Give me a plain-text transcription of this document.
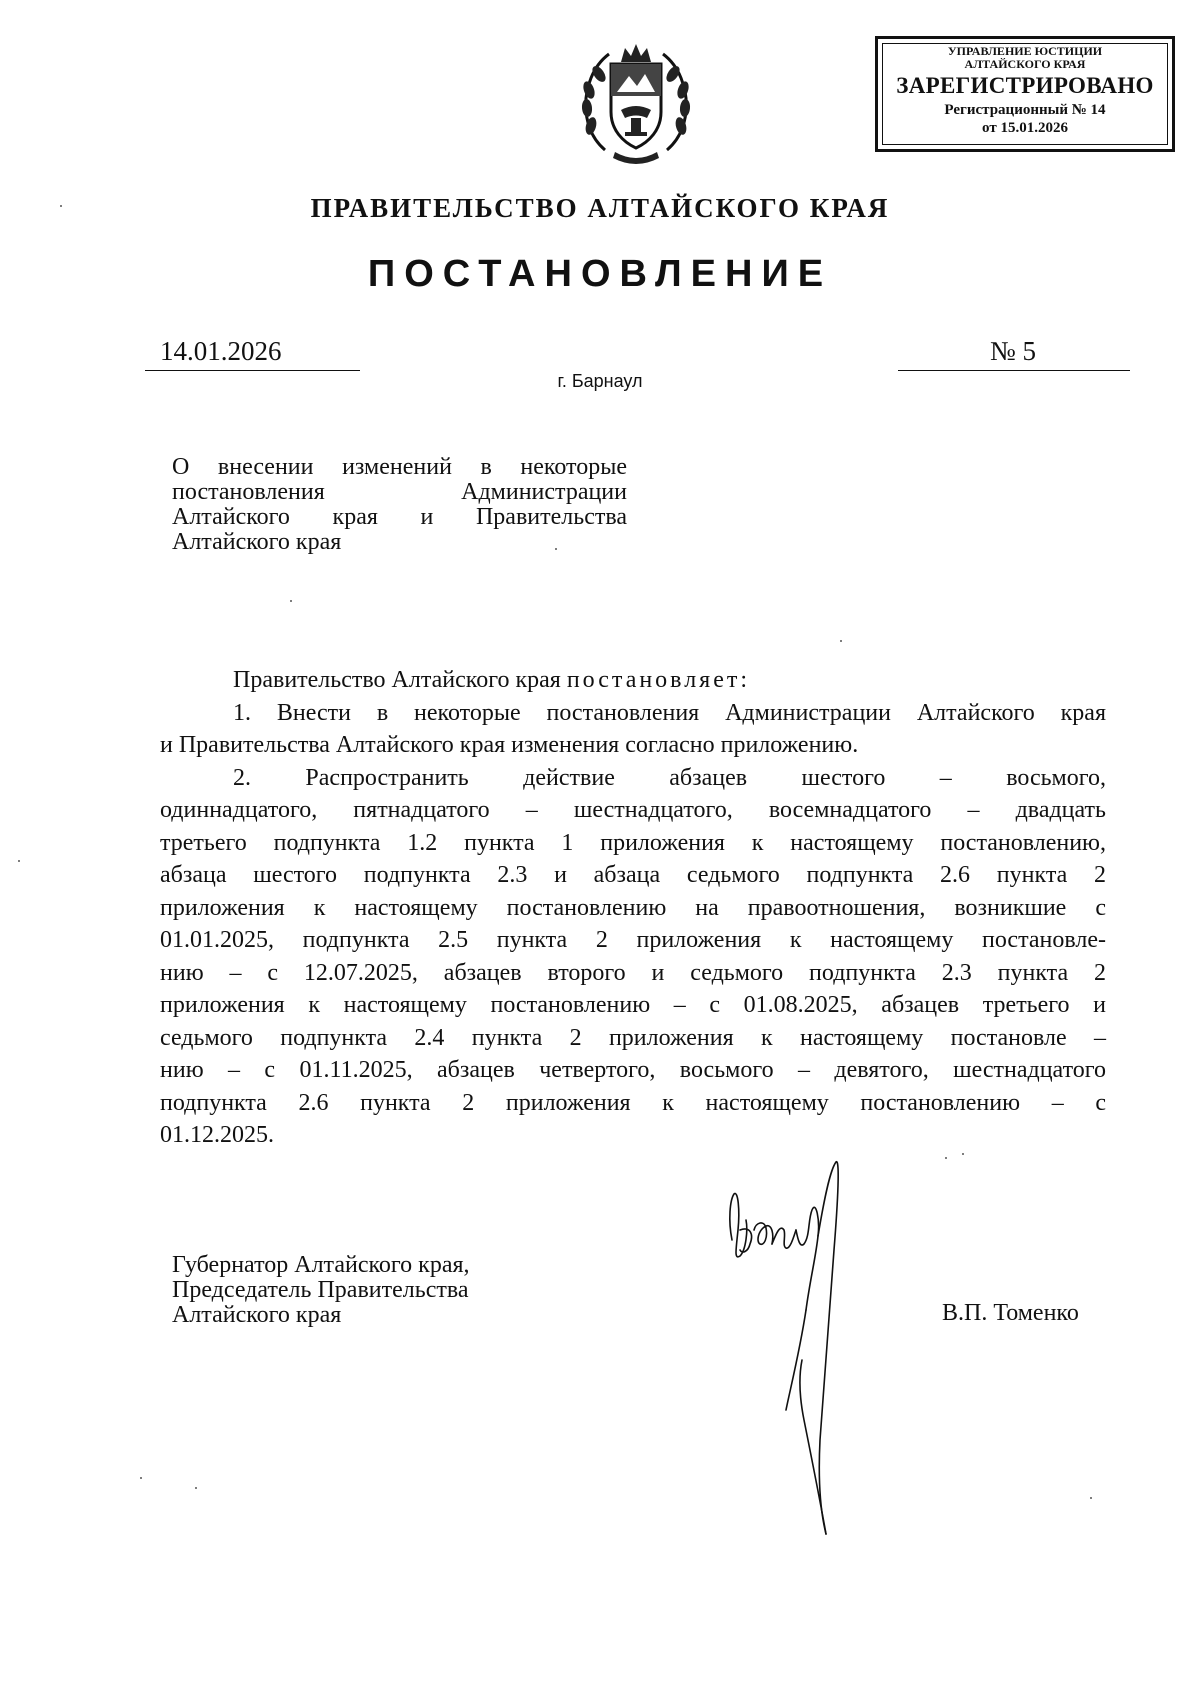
УПРАВЛЕНИЕ ЮСТИЦИИ
АЛТАЙСКОГО КРАЯ
ЗАРЕГИСТРИРОВАНО
Регистрационный № 14
от 15.01.2026
ПРАВИТЕЛЬСТВО АЛТАЙСКОГО КРАЯ
ПОСТАНОВЛЕНИЕ
14.01.2026	№ 5
г. Барнаул
О внесении изменений в некоторые
постановления Администрации
Алтайского края и Правительства
Алтайского края

Правительство Алтайского края постановляет:

1. Внести в некоторые постановления Администрации Алтайского края
и Правительства Алтайского края изменения согласно приложению.
2. Распространить действие абзацев шестого – восьмого,
одиннадцатого, пятнадцатого – шестнадцатого, восемнадцатого – двадцать
третьего подпункта 1.2 пункта 1 приложения к настоящему постановлению,
абзаца шестого подпункта 2.3 и абзаца седьмого подпункта 2.6 пункта 2
приложения к настоящему постановлению на правоотношения, возникшие с
01.01.2025, подпункта 2.5 пункта 2 приложения к настоящему постановле-
нию – с 12.07.2025, абзацев второго и седьмого подпункта 2.3 пункта 2
приложения к настоящему постановлению – с 01.08.2025, абзацев третьего и
седьмого подпункта 2.4 пункта 2 приложения к настоящему постановле –
нию – с 01.11.2025, абзацев четвертого, восьмого – девятого, шестнадцатого
подпункта 2.6 пункта 2 приложения к настоящему постановлению – с
01.12.2025.
Губернатор Алтайского края,
Председатель Правительства
Алтайского края	В.П. Томенко
